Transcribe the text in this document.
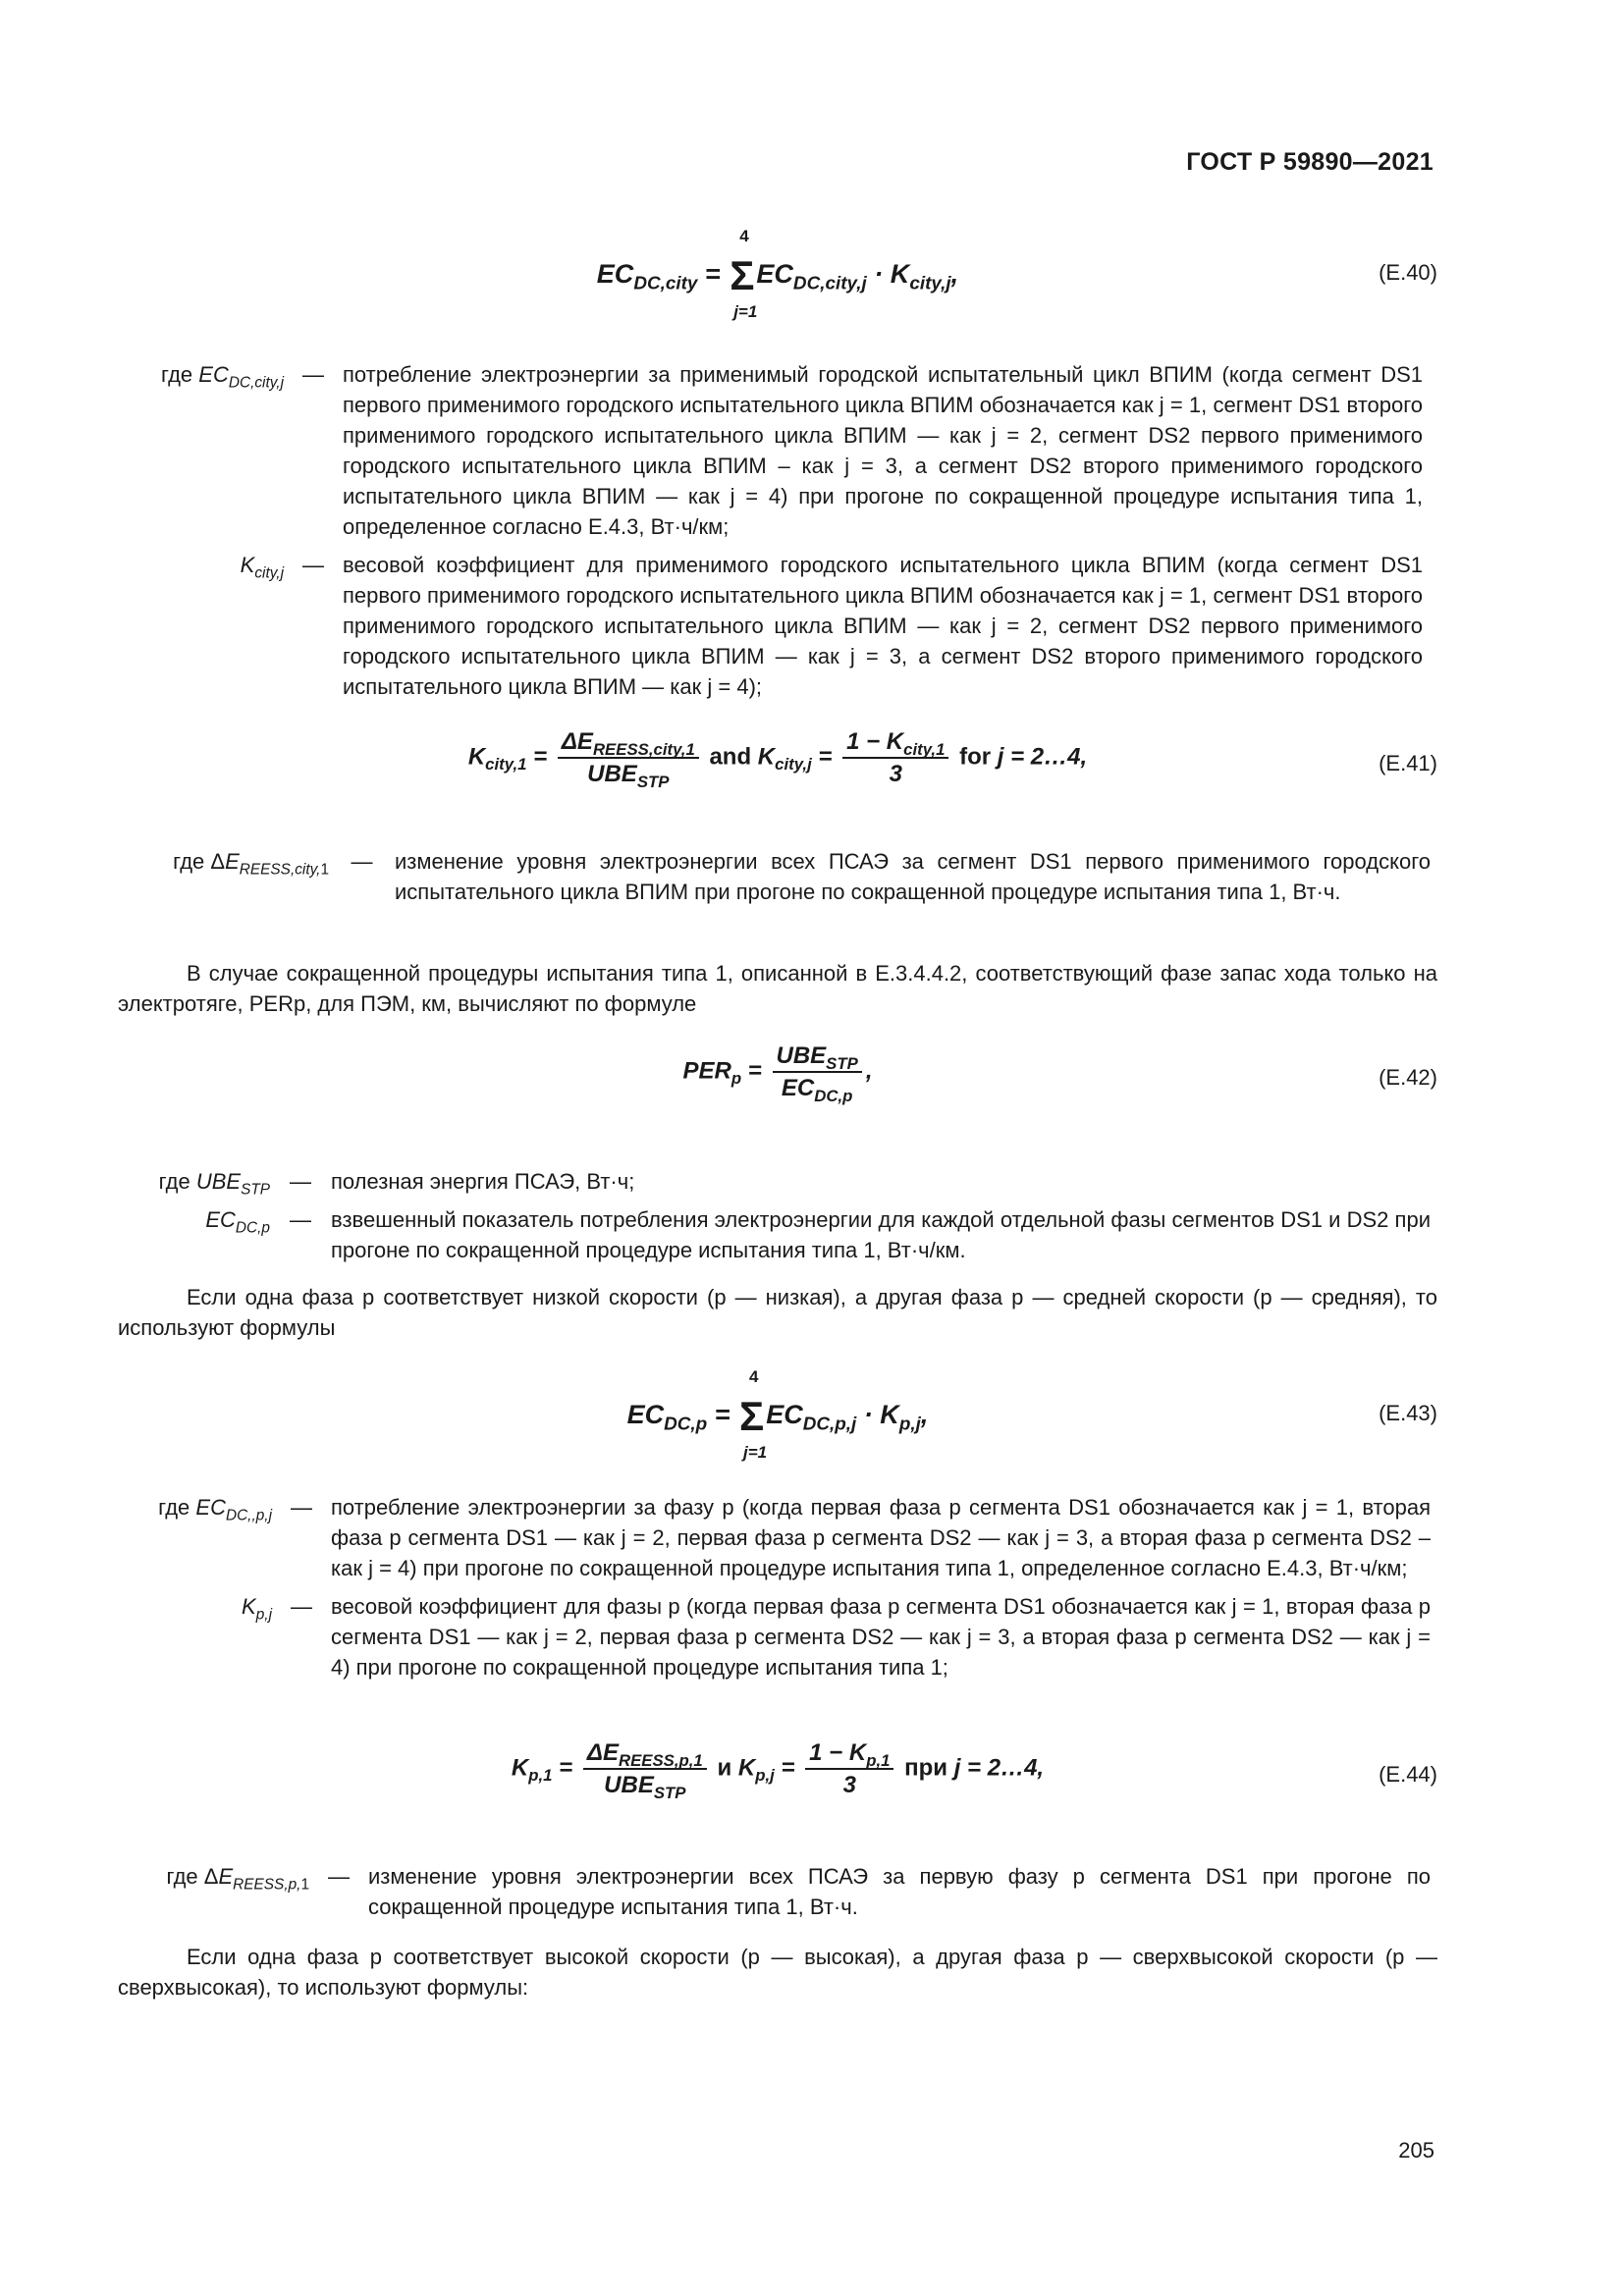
ГОСТ Р 59890—2021
$EC_{DC,city} = \Sigma$
4
j=1
$EC_{DC,city,j} \cdot K_{city,j}$,	(Е.40)
где $EC_{DC,city,j}$ — потребление электроэнергии за применимый городской испытательный цикл ВПИМ (когда сегмент DS1 первого применимого городского испытательного цикла ВПИМ обозначается как j = 1, сегмент DS1 второго применимого городского испытательного цикла ВПИМ — как j = 2, сегмент DS2 первого применимого городского испытательного цикла ВПИМ – как j = 3, а сегмент DS2 второго применимого городского испытательного цикла ВПИМ — как j = 4) при прогоне по сокращенной процедуре испытания типа 1, определенное согласно Е.4.3, Вт·ч/км;
$K_{city,j}$ — весовой коэффициент для применимого городского испытательного цикла ВПИМ (когда сегмент DS1 первого применимого городского испытательного цикла ВПИМ обозначается как j = 1, сегмент DS1 второго применимого городского испытательного цикла ВПИМ — как j = 2, сегмент DS2 первого применимого городского испытательного цикла ВПИМ — как j = 3, а сегмент DS2 второго применимого городского испытательного цикла ВПИМ — как j = 4);
$K_{city,1} = \frac{\Delta E_{REESS,city,1}}{UBE_{STP}}$ and $K_{city,j} = \frac{1 - K_{city,1}}{3}$ for j = 2…4,	(Е.41)
где $\Delta E_{REESS,city,1}$	—	изменение уровня электроэнергии всех ПСАЭ за сегмент DS1 первого применимого городского испытательного цикла ВПИМ при прогоне по сокращенной процедуре испытания типа 1, Вт·ч.
В случае сокращенной процедуры испытания типа 1, описанной в Е.3.4.4.2, соответствующий фазе запас хода только на электротяге, PERp, для ПЭМ, км, вычисляют по формуле
$PER_p = \frac{UBE_{STP}}{EC_{DC,p}}$ ,	(Е.42)
где $UBE_{STP}$ — полезная энергия ПСАЭ, Вт·ч;
$EC_{DC,p}$ — взвешенный показатель потребления электроэнергии для каждой отдельной фазы сегментов DS1 и DS2 при прогоне по сокращенной процедуре испытания типа 1, Вт·ч/км.
Если одна фаза p соответствует низкой скорости (p — низкая), а другая фаза p — средней скорости (p — средняя), то используют формулы
$EC_{DC,p} = \Sigma$
4
j=1
$EC_{DC,p,j} \cdot K_{p,j}$,	(Е.43)
где $EC_{DC,,p,j}$ — потребление электроэнергии за фазу p (когда первая фаза p сегмента DS1 обозначается как j = 1, вторая фаза p сегмента DS1 — как j = 2, первая фаза p сегмента DS2 — как j = 3, а вторая фаза p сегмента DS2 – как j = 4) при прогоне по сокращенной процедуре испытания типа 1, определенное согласно Е.4.3, Вт·ч/км;
$K_{p,j}$ — весовой коэффициент для фазы p (когда первая фаза p сегмента DS1 обозначается как j = 1, вторая фаза p сегмента DS1 — как j = 2, первая фаза p сегмента DS2 — как j = 3, а вторая фаза p сегмента DS2 — как j = 4) при прогоне по сокращенной процедуре испытания типа 1;
$K_{p,1} = \frac{\Delta E_{REESS,p,1}}{UBE_{STP}}$ и $K_{p,j} = \frac{1 - K_{p,1}}{3}$ при j = 2…4,	(Е.44)
где $\Delta E_{REESS,p,1}$ — изменение уровня электроэнергии всех ПСАЭ за первую фазу p сегмента DS1 при прогоне по сокращенной процедуре испытания типа 1, Вт·ч.
Если одна фаза p соответствует высокой скорости (p — высокая), а другая фаза p — сверхвысокой скорости (p — сверхвысокая), то используют формулы:
205
